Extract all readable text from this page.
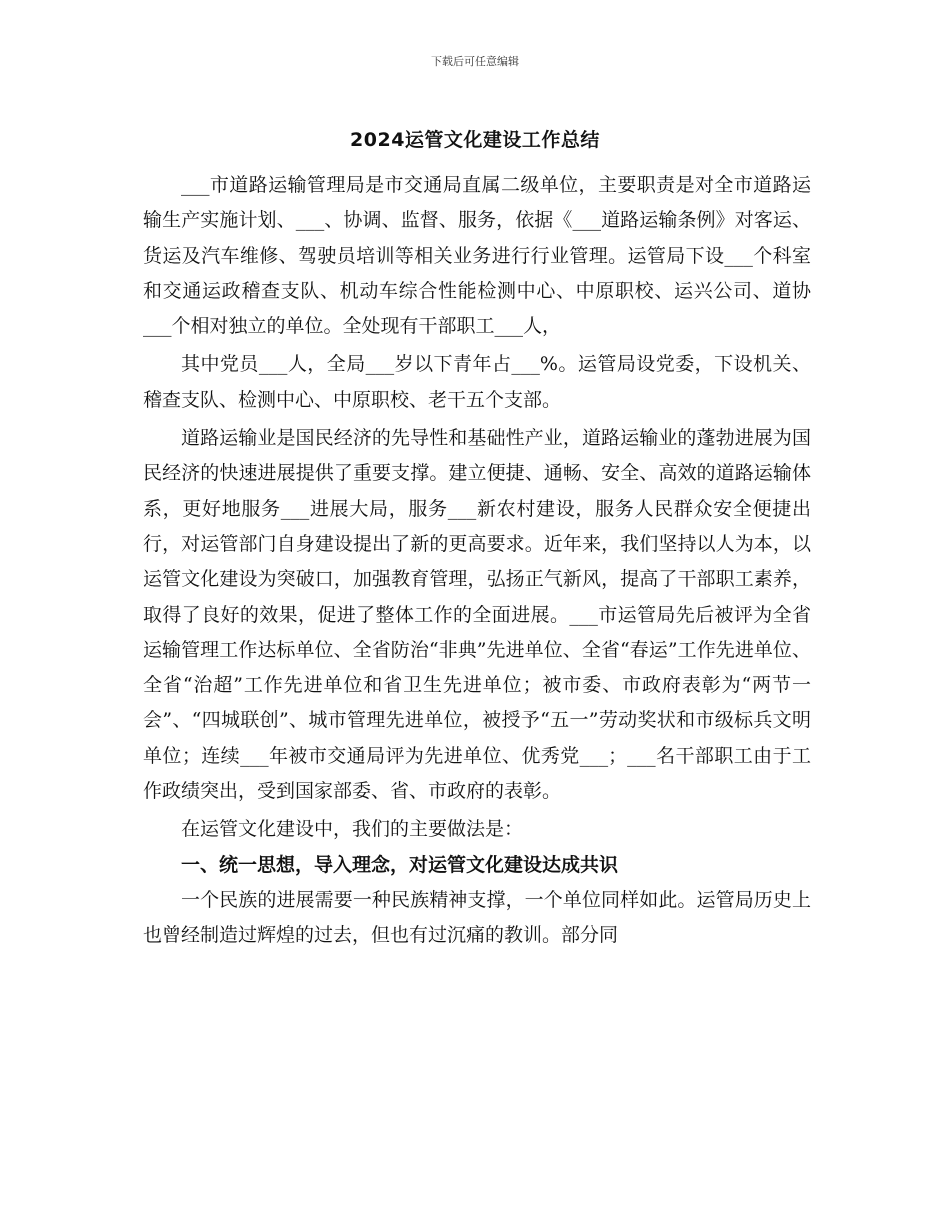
下载后可任意编辑
2024运管文化建设工作总结

___市道路运输管理局是市交通局直属二级单位，主要职责是对全市道路运输生产实施计划、___、协调、监督、服务，依据《___道路运输条例》对客运、货运及汽车维修、驾驶员培训等相关业务进行行业管理。运管局下设___个科室和交通运政稽查支队、机动车综合性能检测中心、中原职校、运兴公司、道协___个相对独立的单位。全处现有干部职工___人，

其中党员___人，全局___岁以下青年占___%。运管局设党委，下设机关、稽查支队、检测中心、中原职校、老干五个支部。

道路运输业是国民经济的先导性和基础性产业，道路运输业的蓬勃进展为国民经济的快速进展提供了重要支撑。建立便捷、通畅、安全、高效的道路运输体系，更好地服务___进展大局，服务___新农村建设，服务人民群众安全便捷出行，对运管部门自身建设提出了新的更高要求。近年来，我们坚持以人为本，以运管文化建设为突破口，加强教育管理，弘扬正气新风，提高了干部职工素养，取得了良好的效果，促进了整体工作的全面进展。___市运管局先后被评为全省运输管理工作达标单位、全省防治“非典”先进单位、全省“春运”工作先进单位、全省“治超”工作先进单位和省卫生先进单位；被市委、市政府表彰为“两节一会”、“四城联创”、城市管理先进单位，被授予“五一”劳动奖状和市级标兵文明单位；连续___年被市交通局评为先进单位、优秀党___；___名干部职工由于工作政绩突出，受到国家部委、省、市政府的表彰。

在运管文化建设中，我们的主要做法是：

一、统一思想，导入理念，对运管文化建设达成共识

一个民族的进展需要一种民族精神支撑，一个单位同样如此。运管局历史上也曾经制造过辉煌的过去，但也有过沉痛的教训。部分同
